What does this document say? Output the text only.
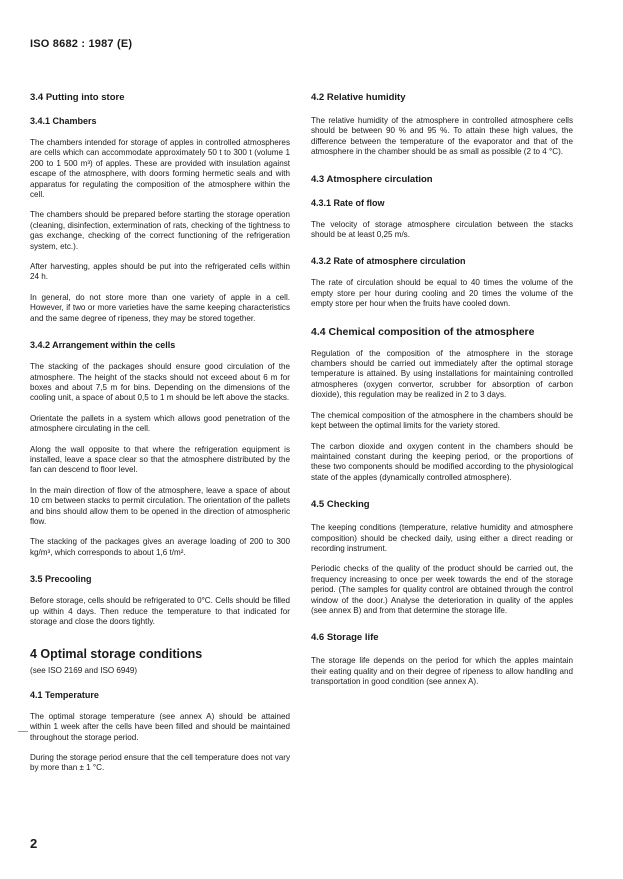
ISO 8682 : 1987 (E)
3.4 Putting into store
3.4.1 Chambers

The chambers intended for storage of apples in controlled atmospheres are cells which can accommodate approximately 50 t to 300 t (volume 1 200 to 1 500 m³) of apples. These are provided with insulation against escape of the atmosphere, with doors forming hermetic seals and with apparatus for regulating the composition of the atmosphere within the cell.

The chambers should be prepared before starting the storage operation (cleaning, disinfection, extermination of rats, checking of the tightness to gas exchange, checking of the correct functioning of the refrigeration system, etc.).

After harvesting, apples should be put into the refrigerated cells within 24 h.

In general, do not store more than one variety of apple in a cell. However, if two or more varieties have the same keeping characteristics and the same degree of ripeness, they may be stored together.

3.4.2 Arrangement within the cells

The stacking of the packages should ensure good circulation of the atmosphere. The height of the stacks should not exceed about 6 m for boxes and about 7,5 m for bins. Depending on the dimensions of the cooling unit, a space of about 0,5 to 1 m should be left above the stacks.

Orientate the pallets in a system which allows good penetration of the atmosphere circulating in the cell.

Along the wall opposite to that where the refrigeration equipment is installed, leave a space clear so that the atmosphere distributed by the fan can descend to floor level.

In the main direction of flow of the atmosphere, leave a space of about 10 cm between stacks to permit circulation. The orientation of the pallets and bins should allow them to be opened in the direction of atmospheric flow.

The stacking of the packages gives an average loading of 200 to 300 kg/m³, which corresponds to about 1,6 t/m².

3.5 Precooling

Before storage, cells should be refrigerated to 0°C. Cells should be filled up within 4 days. Then reduce the temperature to that indicated for storage and close the doors tightly.

4 Optimal storage conditions
(see ISO 2169 and ISO 6949)
4.1 Temperature

The optimal storage temperature (see annex A) should be attained within 1 week after the cells have been filled and should be maintained throughout the storage period.

During the storage period ensure that the cell temperature does not vary by more than ± 1 °C.

4.2 Relative humidity

The relative humidity of the atmosphere in controlled atmosphere cells should be between 90 % and 95 %. To attain these high values, the difference between the temperature of the evaporator and that of the atmosphere in the chamber should be as small as possible (2 to 4 °C).

4.3 Atmosphere circulation
4.3.1 Rate of flow

The velocity of storage atmosphere circulation between the stacks should be at least 0,25 m/s.

4.3.2 Rate of atmosphere circulation

The rate of circulation should be equal to 40 times the volume of the empty store per hour during cooling and 20 times the volume of the empty store per hour when the fruits have cooled down.

4.4 Chemical composition of the atmosphere

Regulation of the composition of the atmosphere in the storage chambers should be carried out immediately after the optimal storage temperature is attained. By using installations for maintaining controlled atmospheres (oxygen convertor, scrubber for absorption of carbon dioxide), this regulation may be realized in 2 to 3 days.

The chemical composition of the atmosphere in the chambers should be kept between the optimal limits for the variety stored.

The carbon dioxide and oxygen content in the chambers should be maintained constant during the keeping period, or the proportions of these two components should be modified according to the physiological state of the apples (dynamically controlled atmosphere).

4.5 Checking

The keeping conditions (temperature, relative humidity and atmosphere composition) should be checked daily, using either a direct reading or recording instrument.

Periodic checks of the quality of the product should be carried out, the frequency increasing to once per week towards the end of the storage period. (The samples for quality control are obtained through the control window of the door.) Analyse the deterioration in quality of the apples (see annex B) and from that determine the storage life.

4.6 Storage life

The storage life depends on the period for which the apples maintain their eating quality and on their degree of ripeness to allow handling and transportation in good condition (see annex A).

2
